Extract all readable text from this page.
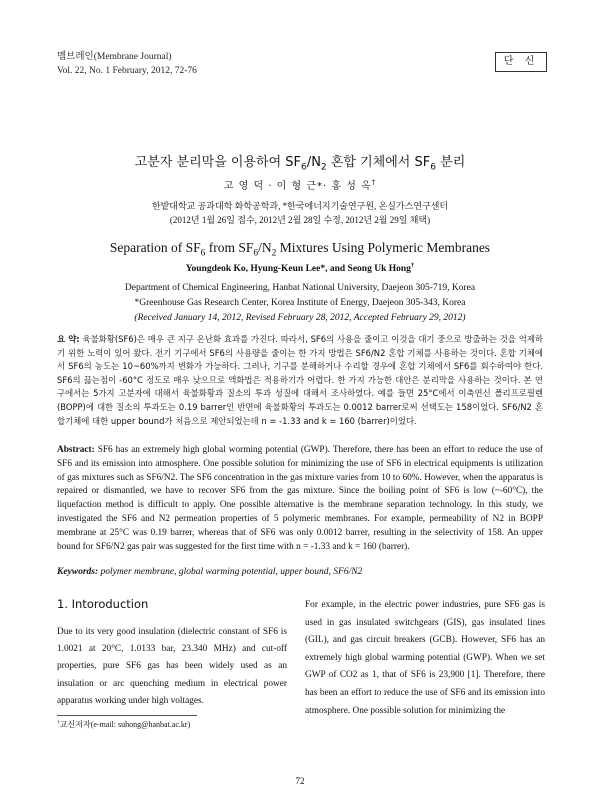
멤브레인(Membrane Journal)
Vol. 22, No. 1 February, 2012, 72-76
단 신
고분자 분리막을 이용하여 $SF_6/N_2$ 혼합 기체에서 $SF_6$ 분리
고 영 덕 · 이 형 근*· 홍 성 옥†
한밭대학교 공과대학 화학공학과, *한국에너지기술연구원, 온실가스연구센터
(2012년 1월 26일 접수, 2012년 2월 28일 수정, 2012년 2월 29일 채택)
Separation of $SF_6$ from $SF_6/N_2$ Mixtures Using Polymeric Membranes
Youngdeok Ko, Hyung-Keun Lee*, and Seong Uk Hong†
Department of Chemical Engineering, Hanbat National University, Daejeon 305-719, Korea
*Greenhouse Gas Research Center, Korea Institute of Energy, Daejeon 305-343, Korea
(Received January 14, 2012, Revised February 28, 2012, Accepted February 29, 2012)
요 약: 육불화황(SF6)은 매우 큰 지구 온난화 효과를 가진다. 따라서, SF6의 사용을 줄이고 이것을 대기 중으로 방출하는 것을 억제하기 위한 노력이 있어 왔다. 전기 기구에서 SF6의 사용량을 줄이는 한 가지 방법은 SF6/N2 혼합 기체를 사용하는 것이다. 혼합 기체에서 SF6의 농도는 10~60%까지 변화가 가능하다. 그러나, 기구를 분해하거나 수리할 경우에 혼합 기체에서 SF6를 회수하여야 한다. SF6의 끓는점이 -60°C 정도로 매우 낮으므로 액화법은 적용하기가 어렵다. 한 가지 가능한 대안은 분리막을 사용하는 것이다. 본 연구에서는 5가지 고분자에 대해서 육불화황과 질소의 투과 성질에 대해서 조사하였다. 예를 들면 25°C에서 이축연신 폴리프로필렌(BOPP)에 대한 질소의 투과도는 0.19 barrer인 반면에 육불화황의 투과도는 0.0012 barrer로써 선택도는 158이었다. SF6/N2 혼합기체에 대한 upper bound가 처음으로 제안되었는데 n = -1.33 and k = 160 (barrer)이었다.
Abstract: SF6 has an extremely high global worming potential (GWP). Therefore, there has been an effort to reduce the use of SF6 and its emission into atmosphere. One possible solution for minimizing the use of SF6 in electrical equipments is utilization of gas mixtures such as SF6/N2. The SF6 concentration in the gas mixture varies from 10 to 60%. However, when the apparatus is repaired or dismantled, we have to recover SF6 from the gas mixture. Since the boiling point of SF6 is low (~-60°C), the liquefaction method is difficult to apply. One possible alternative is the membrane separation technology. In this study, we investigated the SF6 and N2 permeation properties of 5 polymeric membranes. For example, permeability of N2 in BOPP membrane at 25°C was 0.19 barrer, whereas that of SF6 was only 0.0012 barrer, resulting in the selectivity of 158. An upper bound for SF6/N2 gas pair was suggested for the first time with n = -1.33 and k = 160 (barrer).
Keywords: polymer membrane, global warming potential, upper bound, SF6/N2
1. Intoroduction
Due to its very good insulation (dielectric constant of SF6 is 1.0021 at 20°C, 1.0133 bar, 23.340 MHz) and cut-off properties, pure SF6 gas has been widely used as an insulation or arc quenching medium in electrical power apparatus working under high voltages.
For example, in the electric power industries, pure SF6 gas is used in gas insulated switchgears (GIS), gas insulated lines (GIL), and gas circuit breakers (GCB). However, SF6 has an extremely high global warming potential (GWP). When we set GWP of CO2 as 1, that of SF6 is 23,900 [1]. Therefore, there has been an effort to reduce the use of SF6 and its emission into atmosphere. One possible solution for minimizing the
†교신저자(e-mail: suhong@hanbat.ac.kr)
72
